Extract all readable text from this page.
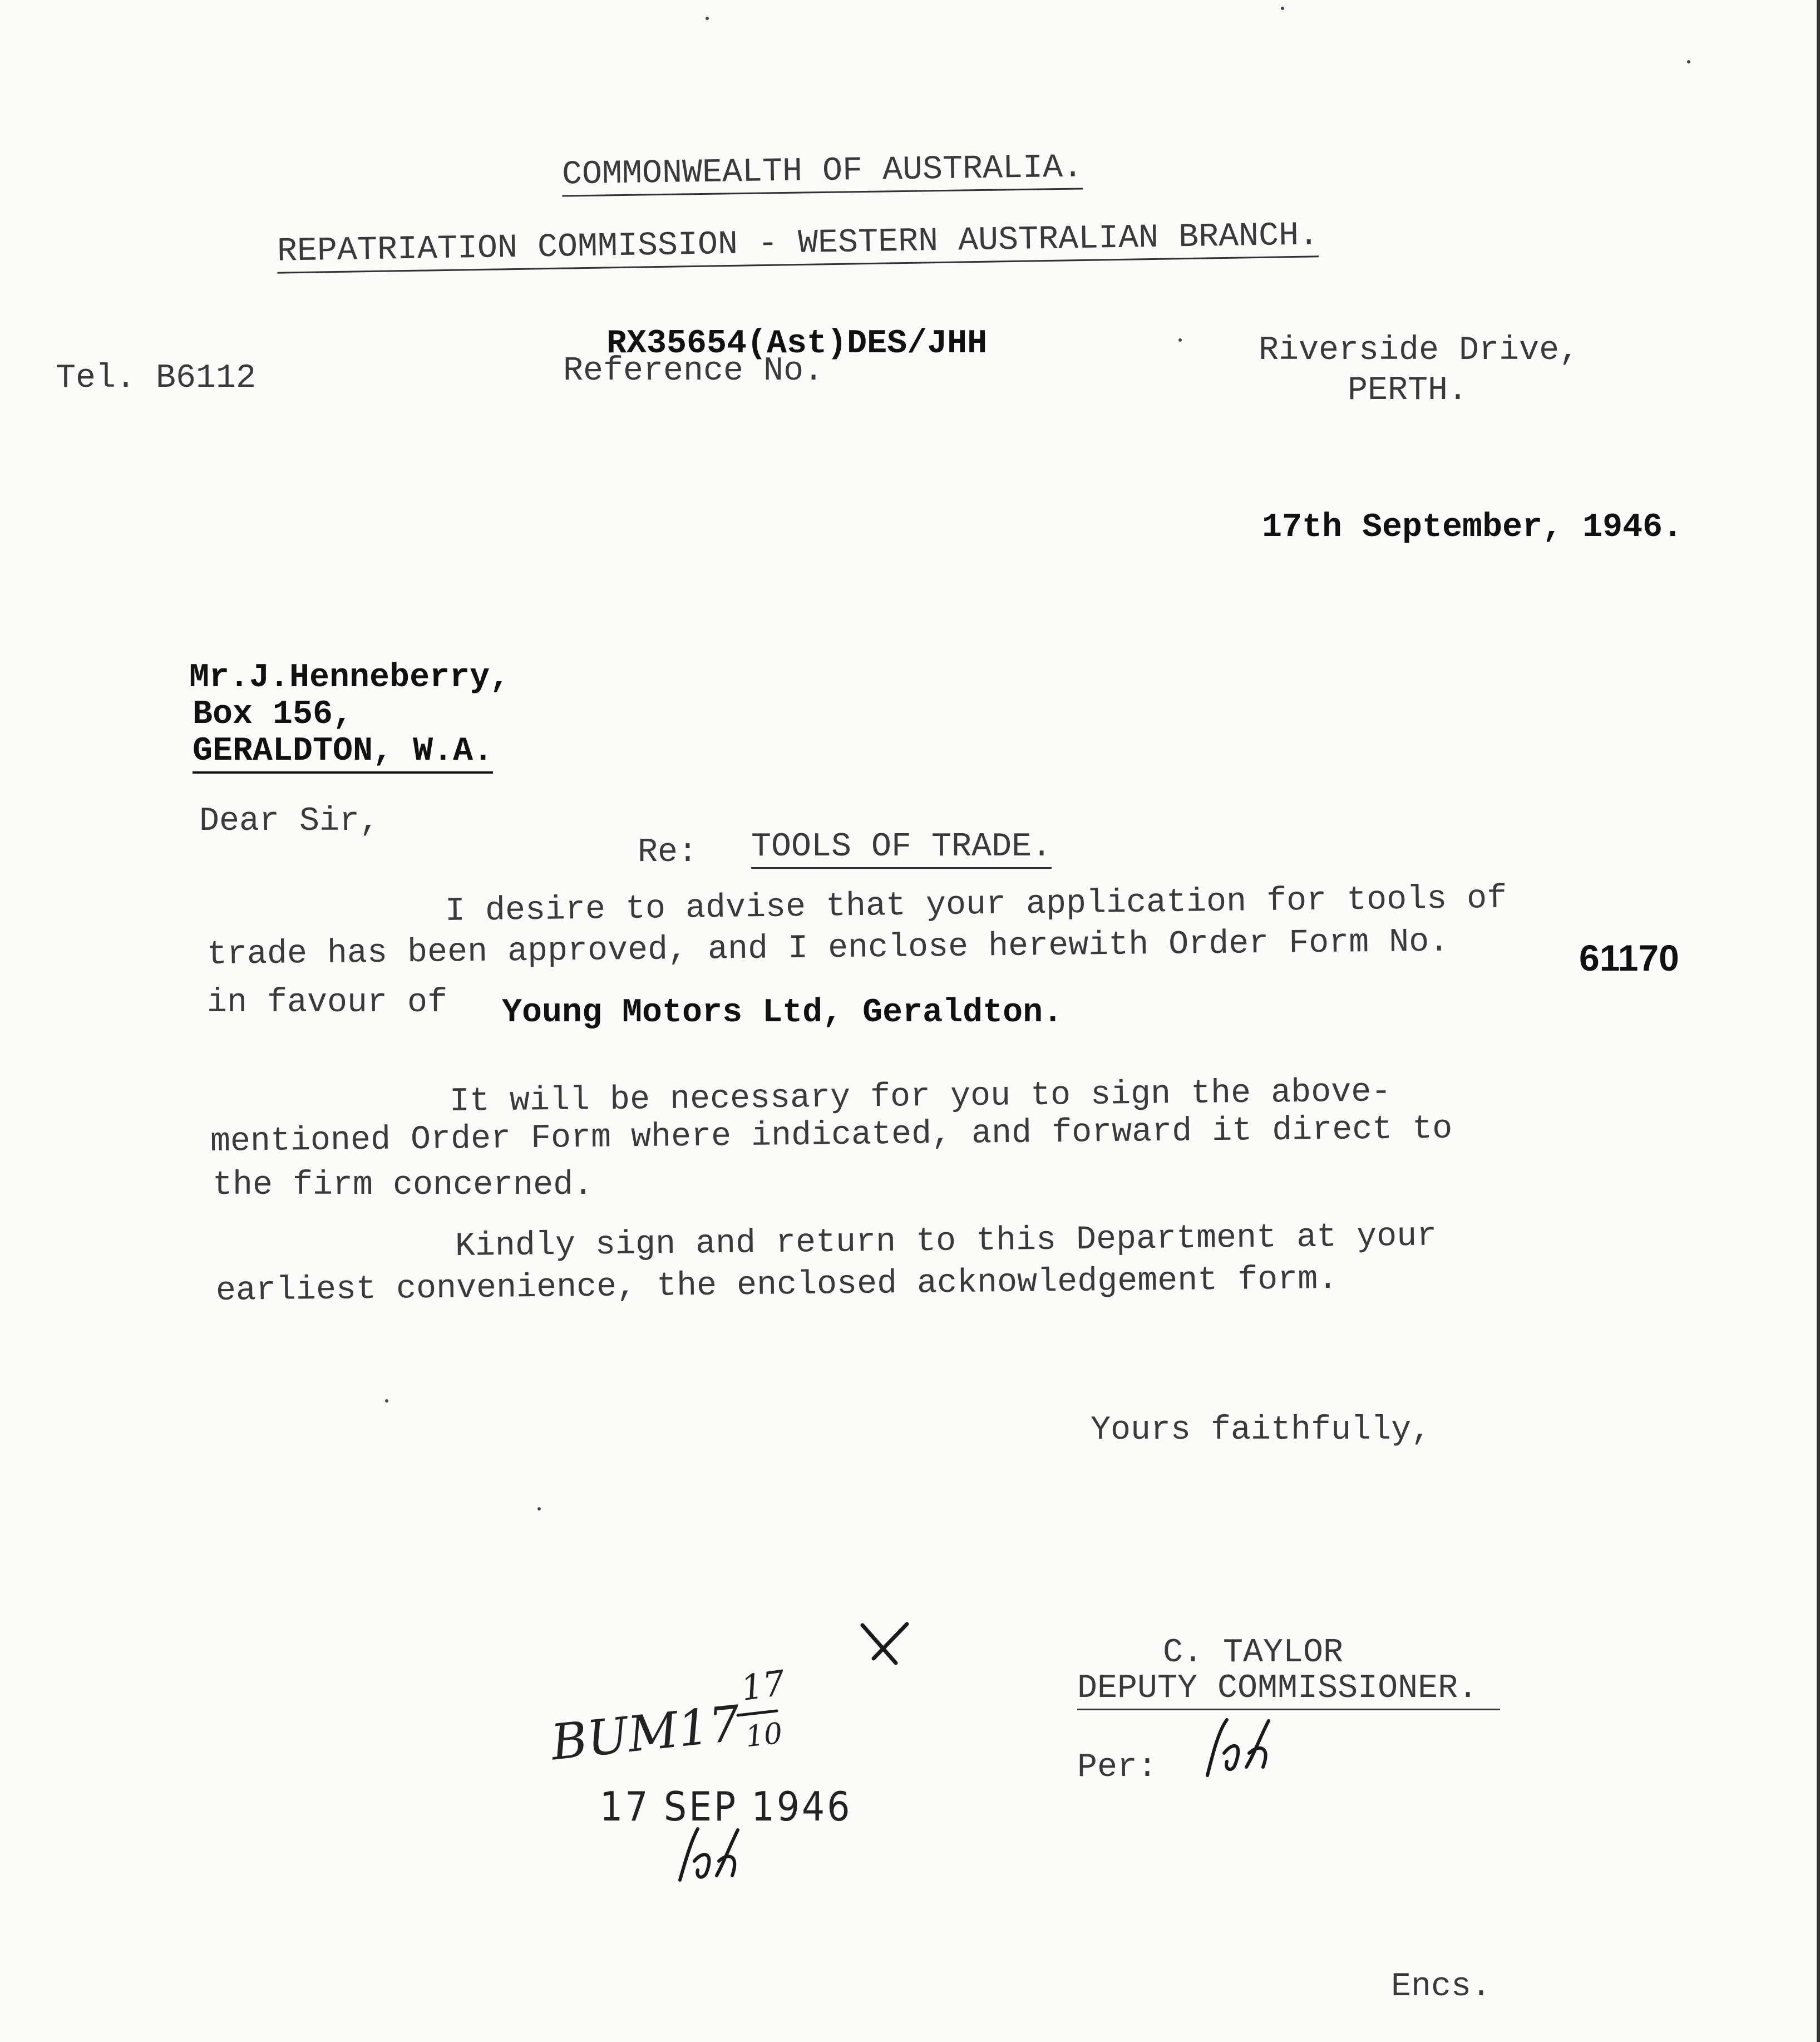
COMMONWEALTH OF AUSTRALIA.
REPATRIATION COMMISSION - WESTERN AUSTRALIAN BRANCH.
Tel. B6112	Reference No.
RX35654(Ast)DES/JHH	Riverside Drive,
PERTH.
17th September, 1946.
Mr.J.Henneberry,
Box 156,
GERALDTON, W.A.
Dear Sir,
Re: TOOLS OF TRADE.
I desire to advise that your application for tools of
trade has been approved, and I enclose herewith Order Form No.	61170
in favour of Young Motors Ltd, Geraldton.
It will be necessary for you to sign the above-
mentioned Order Form where indicated, and forward it direct to
the firm concerned.
Kindly sign and return to this Department at your
earliest convenience, the enclosed acknowledgement form.
Yours faithfully,
C. TAYLOR
DEPUTY COMMISSIONER.
Per:
BUM17
17
10
17 SEP 1946
Encs.
